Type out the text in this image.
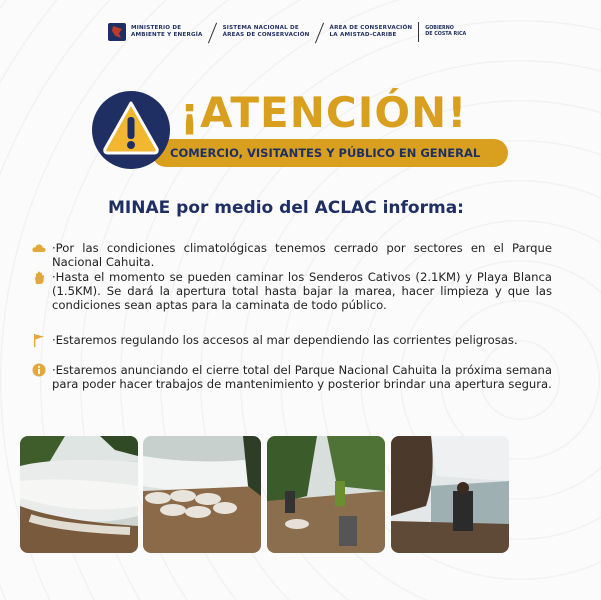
MINISTERIO DE
AMBIENTE Y ENERGÍA
SISTEMA NACIONAL DE
ÁREAS DE CONSERVACIÓN
ÁREA DE CONSERVACIÓN
LA AMISTAD-CARIBE
GOBIERNO
DE COSTA RICA
COMERCIO, VISITANTES Y PÚBLICO EN GENERAL
¡ATENCIÓN!
MINAE por medio del ACLAC informa:
·Por las condiciones climatológicas tenemos cerrado por sectores en el Parque Nacional Cahuita.
·Hasta el momento se pueden caminar los Senderos Cativos (2.1KM) y Playa Blanca (1.5KM). Se dará la apertura total hasta bajar la marea, hacer limpieza y que las condiciones sean aptas para la caminata de todo público.
·Estaremos regulando los accesos al mar dependiendo las corrientes peligrosas.
·Estaremos anunciando el cierre total del Parque Nacional Cahuita la próxima semana para poder hacer trabajos de mantenimiento y posterior brindar una apertura segura.
